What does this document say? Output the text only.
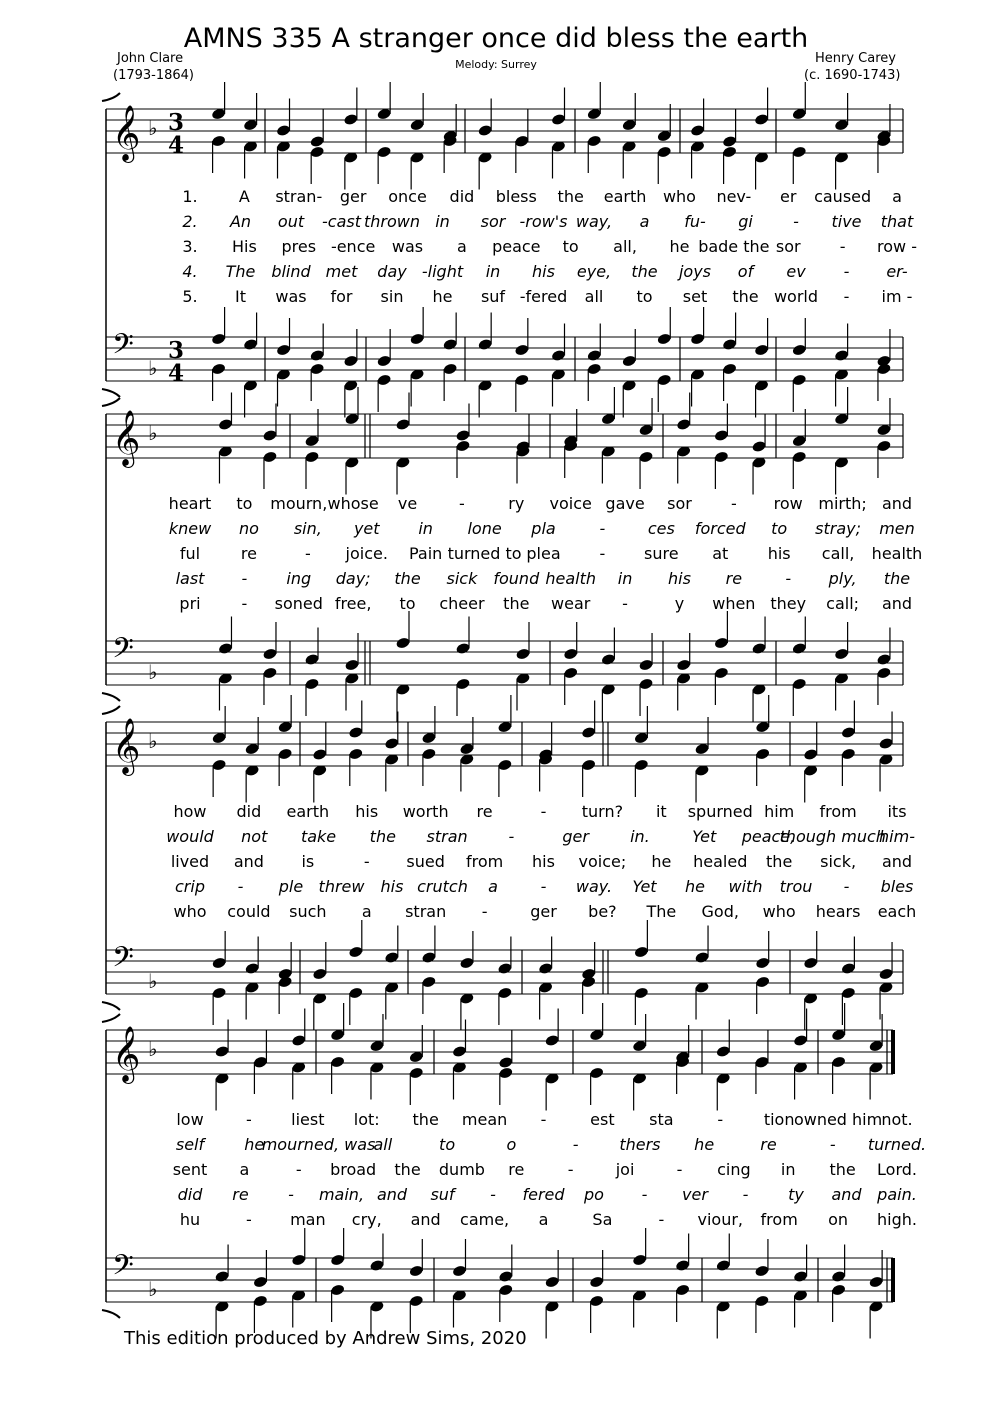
AMNS 335 A stranger once did bless the earth
John Clare
(1793-1864)
Henry Carey
(c. 1690-1743)
Melody: Surrey
𝄞 ♭ 3
4
𝄢 ♭
3
4
𝄞 ♭
𝄢 ♭
𝄞 ♭
𝄢 ♭
𝄞 ♭
𝄢 ♭
1.	A stran- ger once did bless the earth who nev- er caused a
2. An out -cast thrown in sor -row's way, a fu- gi	- tive that
3. His pres -ence was a peace to all, he bade the sor - row -
4. The blind met day -light in his eye, the joys of ev - er-
5. It was for sin he suf -fered all to set the world - im -
heart to mourn, whose ve	-	ry voice gave sor - row mirth; and
knew no sin, yet in lone pla	-	ces forced to stray; men
ful	re	- joice. Pain turned to plea - sure at his call, health
last - ing day; the sick found health in his re	- ply, the
pri	- soned free, to cheer the wear -	y when they call; and
how did earth his worth re	- turn? it spurned him from its
would not take the stran	-	ger	in.	Yet peace,
though much
him-
lived and is	- sued from his voice; he healed the sick, and
crip - ple threw his crutch a	- way. Yet he with trou - bles
who could such a stran -	ger be? The God, who hears each
low	- liest lot: the mean -	est sta	-	tion owned him not.
self	he
mourned, was
all	to	o	-	thers he	re	- turned.
sent a	- broad the dumb re	-	joi	- cing in the Lord.
did re - main, and suf - fered po - ver - ty and pain.
hu	- man cry, and came, a	Sa	- viour, from on high.
This edition produced by Andrew Sims, 2020
